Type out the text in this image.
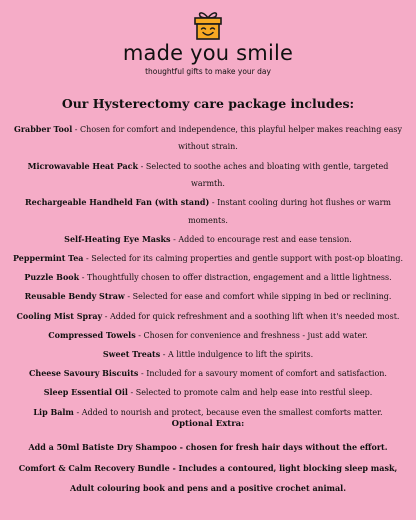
made you smile
thoughtful gifts to make your day
Our Hysterectomy care package includes:
Grabber Tool - Chosen for comfort and independence, this playful helper makes reaching easy without strain.
Microwavable Heat Pack - Selected to soothe aches and bloating with gentle, targeted warmth.
Rechargeable Handheld Fan (with stand) - Instant cooling during hot flushes or warm moments.
Self-Heating Eye Masks - Added to encourage rest and ease tension.
Peppermint Tea - Selected for its calming properties and gentle support with post-op bloating.
Puzzle Book - Thoughtfully chosen to offer distraction, engagement and a little lightness.
Reusable Bendy Straw - Selected for ease and comfort while sipping in bed or reclining.
Cooling Mist Spray - Added for quick refreshment and a soothing lift when it's needed most.
Compressed Towels - Chosen for convenience and freshness - just add water.
Sweet Treats - A little indulgence to lift the spirits.
Cheese Savoury Biscuits - Included for a savoury moment of comfort and satisfaction.
Sleep Essential Oil - Selected to promote calm and help ease into restful sleep.
Lip Balm - Added to nourish and protect, because even the smallest comforts matter.
Optional Extra:
Add a 50ml Batiste Dry Shampoo - chosen for fresh hair days without the effort.
Comfort & Calm Recovery Bundle - Includes a contoured, light blocking sleep mask,
Adult colouring book and pens and a positive crochet animal.
